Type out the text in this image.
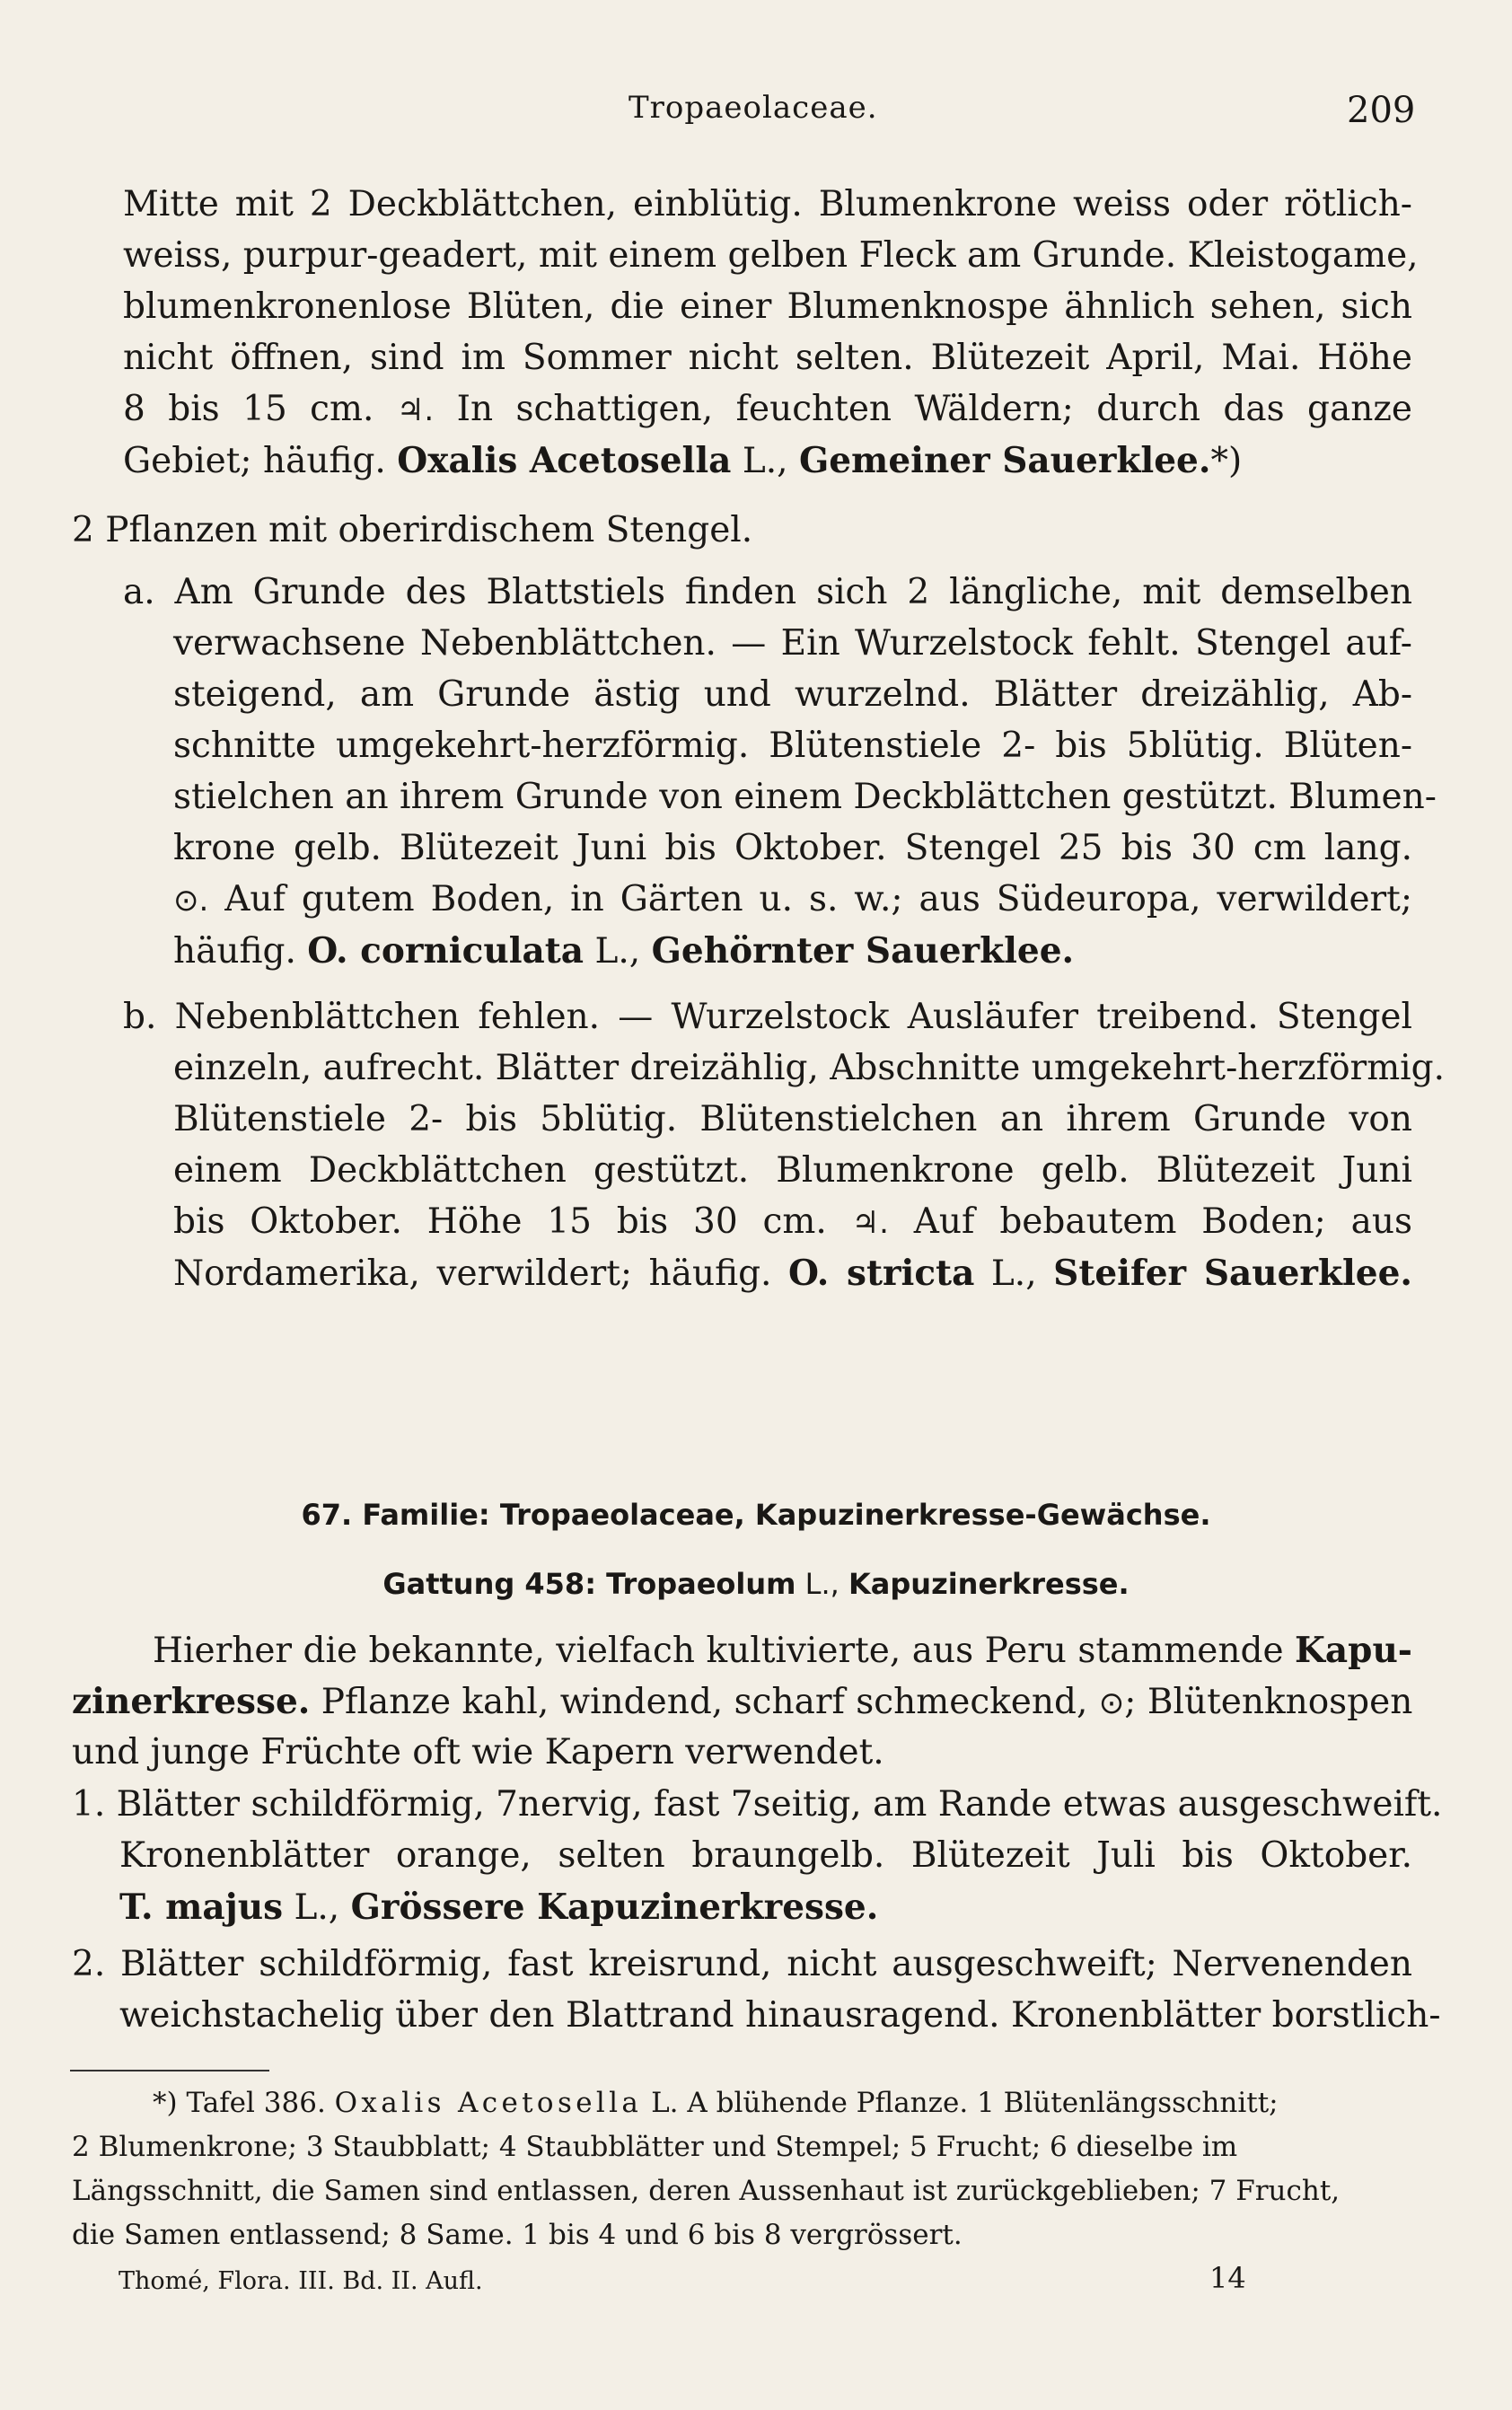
Tropaeolaceae.	209
Mitte mit 2 Deckblättchen, einblütig. Blumenkrone weiss oder rötlich-
weiss, purpur-geadert, mit einem gelben Fleck am Grunde. Kleistogame,
blumenkronenlose Blüten, die einer Blumenknospe ähnlich sehen, sich
nicht öffnen, sind im Sommer nicht selten. Blütezeit April, Mai. Höhe
8 bis 15 cm. ♃. In schattigen, feuchten Wäldern; durch das ganze
Gebiet; häufig. Oxalis Acetosella L., Gemeiner Sauerklee.*)
2 Pflanzen mit oberirdischem Stengel.
a. Am Grunde des Blattstiels finden sich 2 längliche, mit demselben
verwachsene Nebenblättchen. — Ein Wurzelstock fehlt. Stengel auf-
steigend, am Grunde ästig und wurzelnd. Blätter dreizählig, Ab-
schnitte umgekehrt-herzförmig. Blütenstiele 2- bis 5blütig. Blüten-
stielchen an ihrem Grunde von einem Deckblättchen gestützt. Blumen-
krone gelb. Blütezeit Juni bis Oktober. Stengel 25 bis 30 cm lang.
⊙. Auf gutem Boden, in Gärten u. s. w.; aus Südeuropa, verwildert;
häufig. O. corniculata L., Gehörnter Sauerklee.
b. Nebenblättchen fehlen. — Wurzelstock Ausläufer treibend. Stengel
einzeln, aufrecht. Blätter dreizählig, Abschnitte umgekehrt-herzförmig.
Blütenstiele 2- bis 5blütig. Blütenstielchen an ihrem Grunde von
einem Deckblättchen gestützt. Blumenkrone gelb. Blütezeit Juni
bis Oktober. Höhe 15 bis 30 cm. ♃. Auf bebautem Boden; aus
Nordamerika, verwildert; häufig. O. stricta L., Steifer Sauerklee.
67. Familie: Tropaeolaceae, Kapuzinerkresse-Gewächse.
Gattung 458: Tropaeolum L., Kapuzinerkresse.
Hierher die bekannte, vielfach kultivierte, aus Peru stammende Kapu-
zinerkresse. Pflanze kahl, windend, scharf schmeckend, ⊙; Blütenknospen
und junge Früchte oft wie Kapern verwendet.
1. Blätter schildförmig, 7nervig, fast 7seitig, am Rande etwas ausgeschweift.
Kronenblätter orange, selten braungelb. Blütezeit Juli bis Oktober.
T. majus L., Grössere Kapuzinerkresse.
2. Blätter schildförmig, fast kreisrund, nicht ausgeschweift; Nervenenden
weichstachelig über den Blattrand hinausragend. Kronenblätter borstlich-
*) Tafel 386. Oxalis Acetosella L. A blühende Pflanze. 1 Blütenlängsschnitt;
2 Blumenkrone; 3 Staubblatt; 4 Staubblätter und Stempel; 5 Frucht; 6 dieselbe im
Längsschnitt, die Samen sind entlassen, deren Aussenhaut ist zurückgeblieben; 7 Frucht,
die Samen entlassend; 8 Same. 1 bis 4 und 6 bis 8 vergrössert.
Thomé, Flora. III. Bd. II. Aufl.	14
